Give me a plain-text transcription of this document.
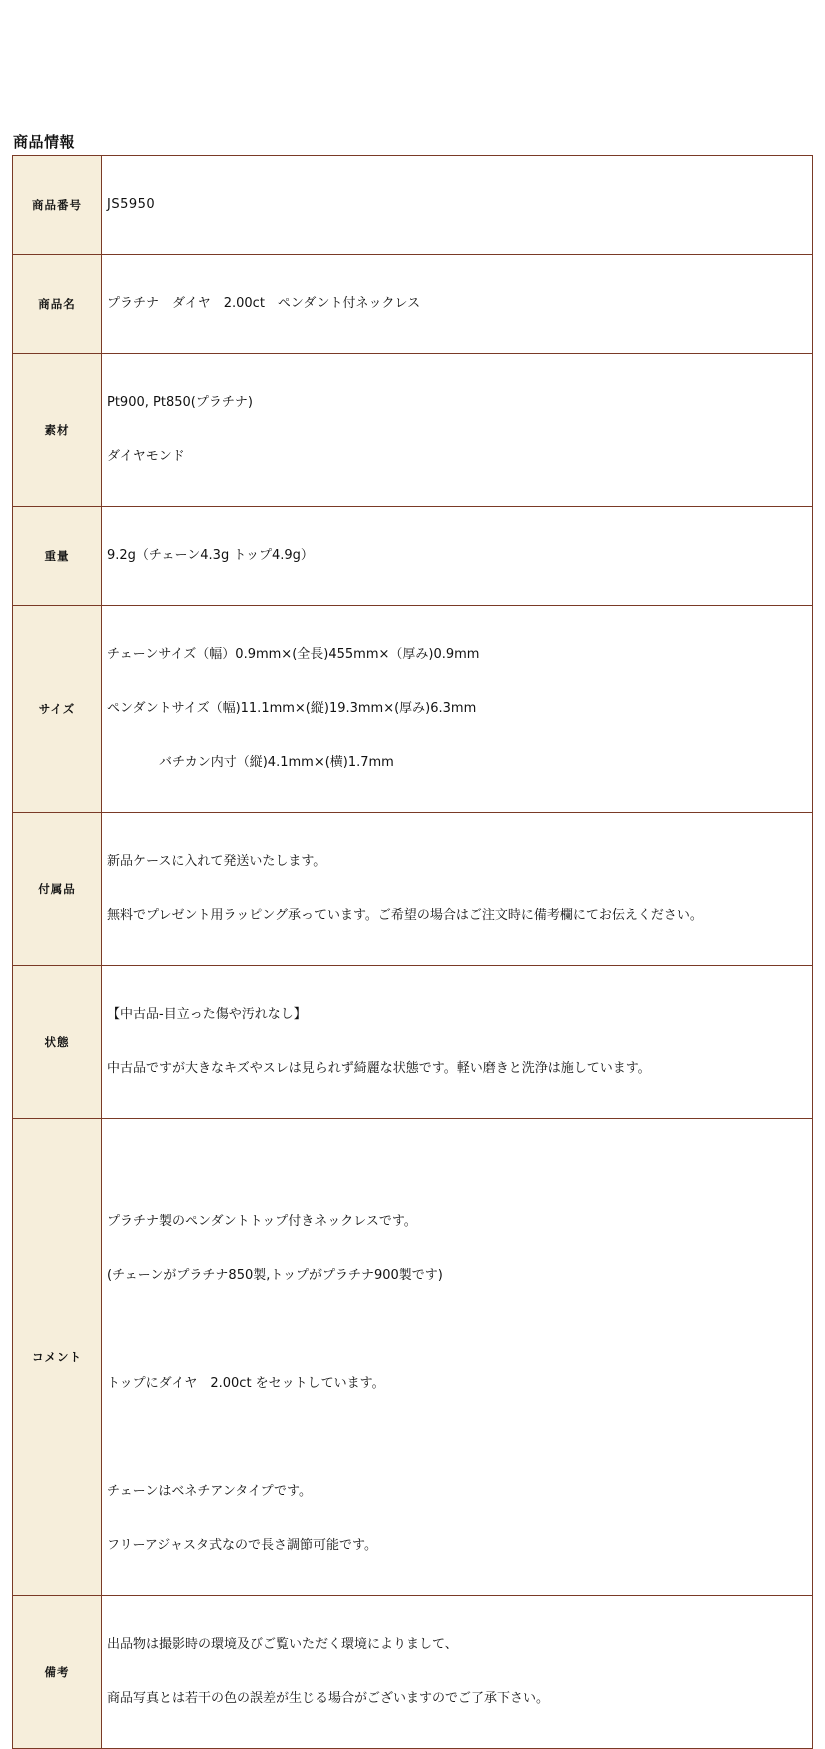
商品情報
商品番号	JS5950

商品名	プラチナ　ダイヤ　2.00ct　ペンダント付ネックレス

素材	Pt900, Pt850(プラチナ)

ダイヤモンド

重量	9.2g（チェーン4.3g トップ4.9g）

サイズ	チェーンサイズ（幅）0.9mm×(全長)455mm×（厚み)0.9mm

ペンダントサイズ（幅)11.1mm×(縦)19.3mm×(厚み)6.3mm

　　　　バチカン内寸（縦)4.1mm×(横)1.7mm

付属品	新品ケースに入れて発送いたします。

無料でプレゼント用ラッピング承っています。ご希望の場合はご注文時に備考欄にてお伝えください。

状態	【中古品-目立った傷や汚れなし】

中古品ですが大きなキズやスレは見られず綺麗な状態です。軽い磨きと洗浄は施しています。

コメント	プラチナ製のペンダントトップ付きネックレスです。

(チェーンがプラチナ850製,トップがプラチナ900製です)

トップにダイヤ　2.00ct をセットしています。

チェーンはベネチアンタイプです。

フリーアジャスタ式なので長さ調節可能です。

備考	出品物は撮影時の環境及びご覧いただく環境によりまして、

商品写真とは若干の色の誤差が生じる場合がございますのでご了承下さい。
